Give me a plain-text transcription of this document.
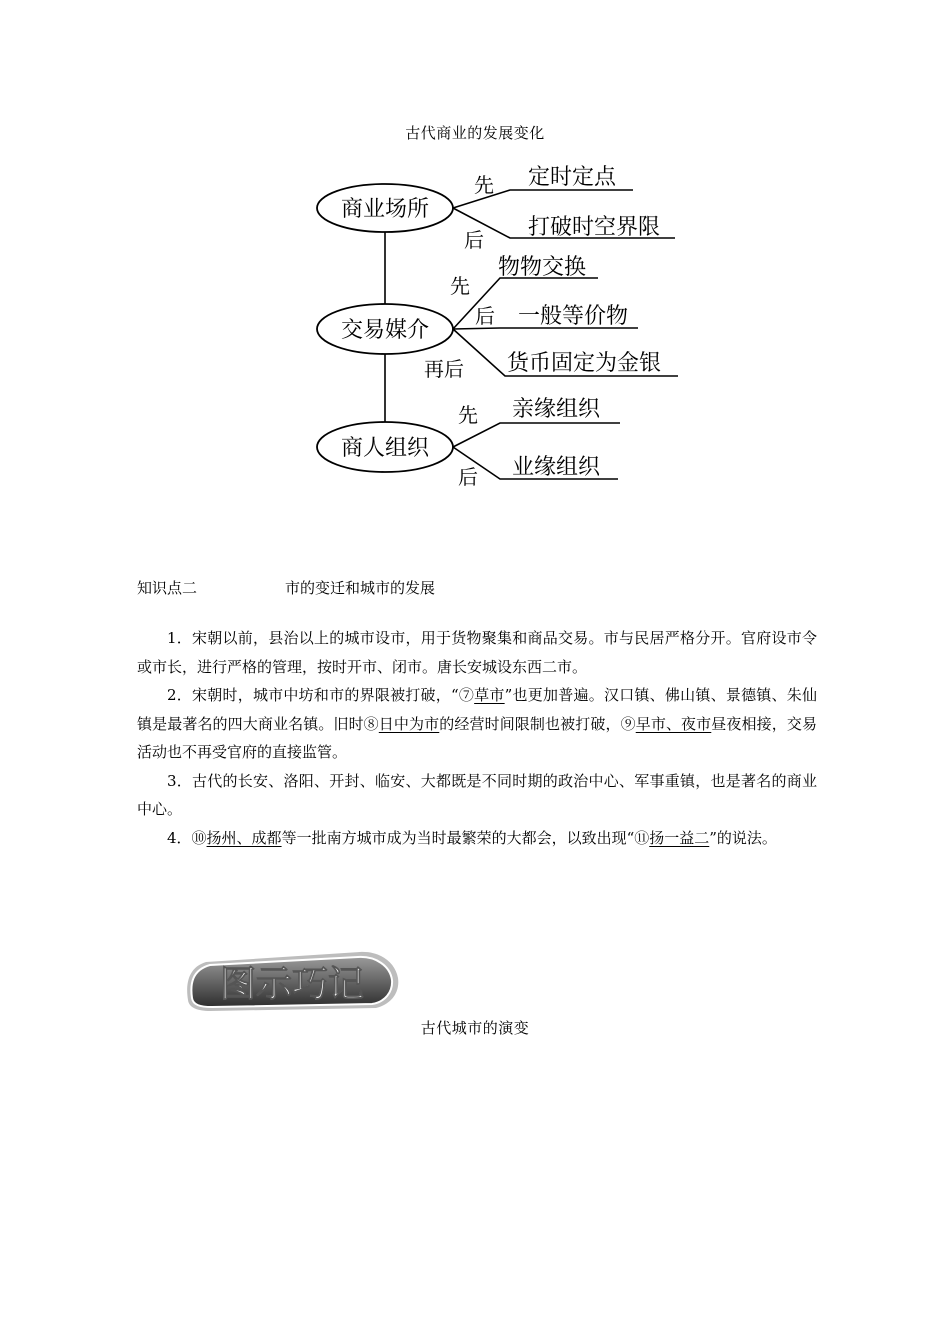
古代商业的发展变化
商业场所
先 定时定点
后 打破时空界限
交易媒介
先
物物交换
后 一般等价物
再后 货币固定为金银
商人组织
先 亲缘组织
后 业缘组织
知识点二	市的变迁和城市的发展

1．宋朝以前，县治以上的城市设市，用于货物聚集和商品交易。市与民居严格分开。官府设市令或市长，进行严格的管理，按时开市、闭市。唐长安城设东西二市。

2．宋朝时，城市中坊和市的界限被打破，“⑦草市”也更加普遍。汉口镇、佛山镇、景德镇、朱仙镇是最著名的四大商业名镇。旧时⑧日中为市的经营时间限制也被打破，⑨早市、夜市昼夜相接，交易活动也不再受官府的直接监管。

3．古代的长安、洛阳、开封、临安、大都既是不同时期的政治中心、军事重镇，也是著名的商业中心。

4．⑩扬州、成都等一批南方城市成为当时最繁荣的大都会，以致出现“⑪扬一益二”的说法。

图示巧记
古代城市的演变
